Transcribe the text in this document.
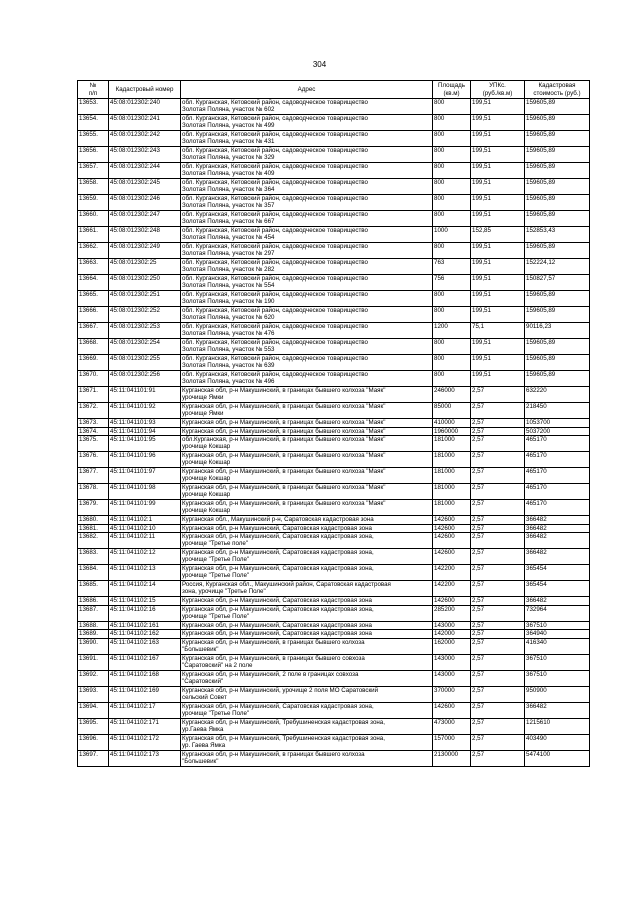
304
№
п/п	Кадастровый номер	Адрес	Площадь
(кв.м)	УПКс.
(руб./кв.м)	Кадастровая
стоимость (руб.)
13653.	45:08:012302:240	обл. Курганская, Кетовский район, садоводческое товарищество
Золотая Поляна, участок № 602	800	199,51	159605,89
13654.	45:08:012302:241	обл. Курганская, Кетовский район, садоводческое товарищество
Золотая Поляна, участок № 499	800	199,51	159605,89
13655.	45:08:012302:242	обл. Курганская, Кетовский район, садоводческое товарищество
Золотая Поляна, участок № 431	800	199,51	159605,89
13656.	45:08:012302:243	обл. Курганская, Кетовский район, садоводческое товарищество
Золотая Поляна, участок № 329	800	199,51	159605,89
13657.	45:08:012302:244	обл. Курганская, Кетовский район, садоводческое товарищество
Золотая Поляна, участок № 409	800	199,51	159605,89
13658.	45:08:012302:245	обл. Курганская, Кетовский район, садоводческое товарищество
Золотая Поляна, участок № 364	800	199,51	159605,89
13659.	45:08:012302:246	обл. Курганская, Кетовский район, садоводческое товарищество
Золотая Поляна, участок № 357	800	199,51	159605,89
13660.	45:08:012302:247	обл. Курганская, Кетовский район, садоводческое товарищество
Золотая Поляна, участок № 667	800	199,51	159605,89
13661.	45:08:012302:248	обл. Курганская, Кетовский район, садоводческое товарищество
Золотая Поляна, участок № 454	1000	152,85	152853,43
13662.	45:08:012302:249	обл. Курганская, Кетовский район, садоводческое товарищество
Золотая Поляна, участок № 297	800	199,51	159605,89
13663.	45:08:012302:25	обл. Курганская, Кетовский район, садоводческое товарищество
Золотая Поляна, участок № 282	763	199,51	152224,12
13664.	45:08:012302:250	обл. Курганская, Кетовский район, садоводческое товарищество
Золотая Поляна, участок № 554	756	199,51	150827,57
13665.	45:08:012302:251	обл. Курганская, Кетовский район, садоводческое товарищество
Золотая Поляна, участок № 190	800	199,51	159605,89
13666.	45:08:012302:252	обл. Курганская, Кетовский район, садоводческое товарищество
Золотая Поляна, участок № 620	800	199,51	159605,89
13667.	45:08:012302:253	обл. Курганская, Кетовский район, садоводческое товарищество
Золотая Поляна, участок № 476	1200	75,1	90116,23
13668.	45:08:012302:254	обл. Курганская, Кетовский район, садоводческое товарищество
Золотая Поляна, участок № 553	800	199,51	159605,89
13669.	45:08:012302:255	обл. Курганская, Кетовский район, садоводческое товарищество
Золотая Поляна, участок № 639	800	199,51	159605,89
13670.	45:08:012302:256	обл. Курганская, Кетовский район, садоводческое товарищество
Золотая Поляна, участок № 496	800	199,51	159605,89
13671.	45:11:041101:91	Курганская обл, р-н Макушинский, в границах бывшего колхоза "Маяк"
урочище Ямки	246000	2,57	632220
13672.	45:11:041101:92	Курганская обл, р-н Макушинский, в границах бывшего колхоза "Маяк"
урочище Ямки	85000	2,57	218450
13673.	45:11:041101:93	Курганская обл, р-н Макушинский, в границах бывшего колхоза "Маяк"	410000	2,57	1053700
13674.	45:11:041101:94	Курганская обл, р-н Макушинский, в границах бывшего колхоза "Маяк"	1960000	2,57	5037200
13675.	45:11:041101:95	обл.Курганская, р-н Макушинский, в границах бывшего колхоза "Маяк"
урочище Кокшар	181000	2,57	465170
13676.	45:11:041101:96	Курганская обл, р-н Макушинский, в границах бывшего колхоза "Маяк"
урочище Кокшар	181000	2,57	465170
13677.	45:11:041101:97	Курганская обл, р-н Макушинский, в границах бывшего колхоза "Маяк"
урочище Кокшар	181000	2,57	465170
13678.	45:11:041101:98	Курганская обл, р-н Макушинский, в границах бывшего колхоза "Маяк"
урочище Кокшар	181000	2,57	465170
13679.	45:11:041101:99	Курганская обл, р-н Макушинский, в границах бывшего колхоза "Маяк"
урочище Кокшар	181000	2,57	465170
13680.	45:11:041102:1	Курганская обл., Макушинский р-н, Саратовская кадастровая зона	142600	2,57	366482
13681.	45:11:041102:10	Курганская обл, р-н Макушинский, Саратовская кадастровая зона	142600	2,57	366482
13682.	45:11:041102:11	Курганская обл, р-н Макушинский, Саратовская кадастровая зона,
урочище "Третье поле"	142600	2,57	366482
13683.	45:11:041102:12	Курганская обл, р-н Макушинский, Саратовская кадастровая зона,
урочище "Третье Поле"	142600	2,57	366482
13684.	45:11:041102:13	Курганская обл, р-н Макушинский, Саратовская кадастровая зона,
урочище "Третье Поле"	142200	2,57	365454
13685.	45:11:041102:14	Россия, Курганская обл., Макушинский район, Саратовская кадастровая
зона, урочище "Третье Поле"	142200	2,57	365454
13686.	45:11:041102:15	Курганская обл, р-н Макушинский, Саратовская кадастровая зона	142600	2,57	366482
13687.	45:11:041102:16	Курганская обл, р-н Макушинский, Саратовская кадастровая зона,
урочище "Третье Поле"	285200	2,57	732964
13688.	45:11:041102:161	Курганская обл, р-н Макушинский, Саратовская кадастровая зона	143000	2,57	367510
13689.	45:11:041102:162	Курганская обл, р-н Макушинский, Саратовская кадастровая зона	142000	2,57	364940
13690.	45:11:041102:163	Курганская обл, р-н Макушинский, в границах бывшего колхоза
"Большевик"	162000	2,57	416340
13691.	45:11:041102:167	Курганская обл, р-н Макушинский, в границах бывшего совхоза
"Саратовский" на 2 поле	143000	2,57	367510
13692.	45:11:041102:168	Курганская обл, р-н Макушинский, 2 поле в границах совхоза
"Саратовский"	143000	2,57	367510
13693.	45:11:041102:169	Курганская обл, р-н Макушинский, урочище 2 поля МО Саратовский
сельский Совет	370000	2,57	950900
13694.	45:11:041102:17	Курганская обл, р-н Макушинский, Саратовская кадастровая зона,
урочище "Третье Поле"	142600	2,57	366482
13695.	45:11:041102:171	Курганская обл, р-н Макушинский, Требушиненская кадастровая зона,
ур.Гаева Ямка	473000	2,57	1215610
13696.	45:11:041102:172	Курганская обл, р-н Макушинский, Требушиненская кадастровая зона,
ур. Гаева Ямка	157000	2,57	403490
13697.	45:11:041102:173	Курганская обл, р-н Макушинский, в границах бывшего колхоза
"Большевик"	2130000	2,57	5474100
